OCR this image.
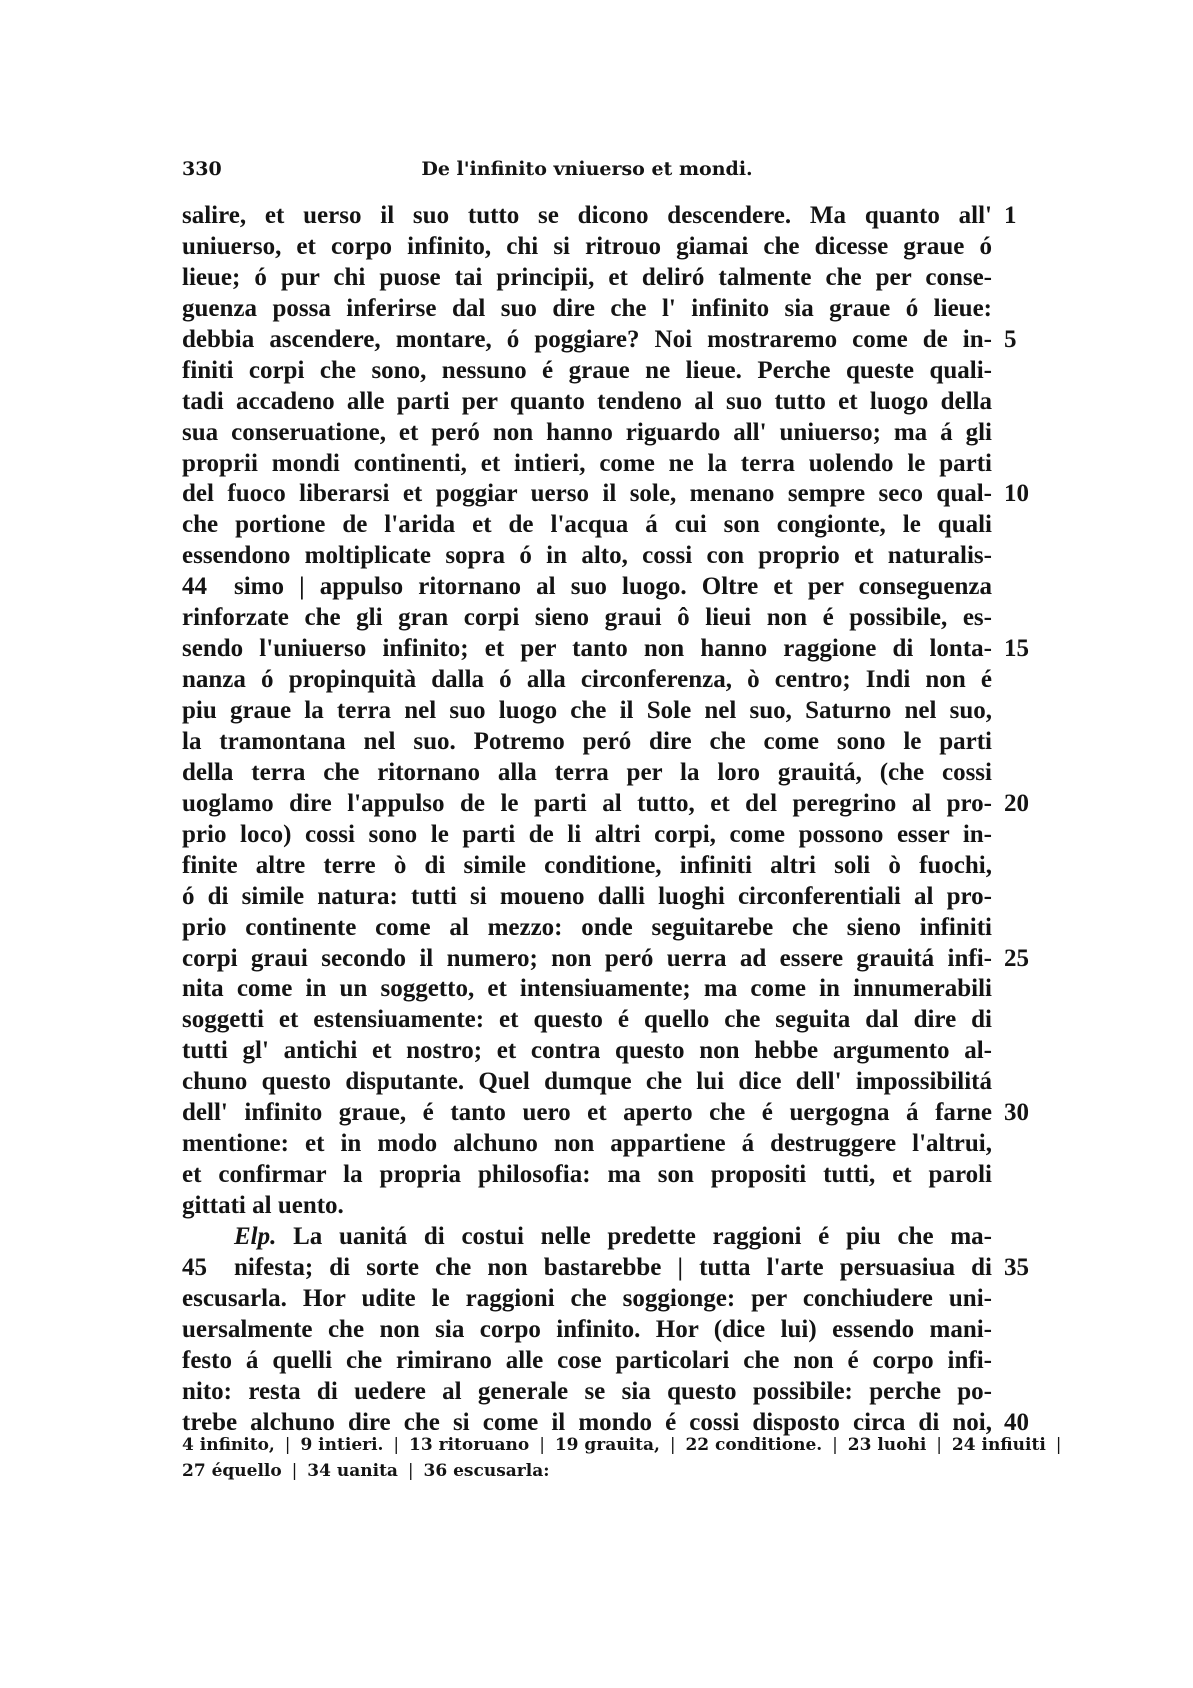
330	De l'infinito vniuerso et mondi.
salire, et uerso il suo tutto se dicono descendere. Ma quanto all' 1
uniuerso, et corpo infinito, chi si ritrouo giamai che dicesse graue ó
lieue; ó pur chi puose tai principii, et deliró talmente che per conse-
guenza possa inferirse dal suo dire che l' infinito sia graue ó lieue:
debbia ascendere, montare, ó poggiare? Noi mostraremo come de in- 5
finiti corpi che sono, nessuno é graue ne lieue. Perche queste quali-
tadi accadeno alle parti per quanto tendeno al suo tutto et luogo della
sua conseruatione, et peró non hanno riguardo all' uniuerso; ma á gli
proprii mondi continenti, et intieri, come ne la terra uolendo le parti
del fuoco liberarsi et poggiar uerso il sole, menano sempre seco qual- 10
che portione de l'arida et de l'acqua á cui son congionte, le quali
essendono moltiplicate sopra ó in alto, cossi con proprio et naturalis-
44	simo | appulso ritornano al suo luogo. Oltre et per conseguenza
rinforzate che gli gran corpi sieno graui ô lieui non é possibile, es-
sendo l'uniuerso infinito; et per tanto non hanno raggione di lonta- 15
nanza ó propinquità dalla ó alla circonferenza, ò centro; Indi non é
piu graue la terra nel suo luogo che il Sole nel suo, Saturno nel suo,
la tramontana nel suo. Potremo peró dire che come sono le parti
della terra che ritornano alla terra per la loro grauitá, (che cossi
uoglamo dire l'appulso de le parti al tutto, et del peregrino al pro- 20
prio loco) cossi sono le parti de li altri corpi, come possono esser in-
finite altre terre ò di simile conditione, infiniti altri soli ò fuochi,
ó di simile natura: tutti si moueno dalli luoghi circonferentiali al pro-
prio continente come al mezzo: onde seguitarebe che sieno infiniti
corpi graui secondo il numero; non peró uerra ad essere grauitá infi- 25
nita come in un soggetto, et intensiuamente; ma come in innumerabili
soggetti et estensiuamente: et questo é quello che seguita dal dire di
tutti gl' antichi et nostro; et contra questo non hebbe argumento al-
chuno questo disputante. Quel dumque che lui dice dell' impossibilitá
dell' infinito graue, é tanto uero et aperto che é uergogna á farne 30
mentione: et in modo alchuno non appartiene á destruggere l'altrui,
et confirmar la propria philosofia: ma son propositi tutti, et paroli
gittati al uento.
Elp. La uanitá di costui nelle predette raggioni é piu che ma-
45	nifesta; di sorte che non bastarebbe | tutta l'arte persuasiua di 35
escusarla. Hor udite le raggioni che soggionge: per conchiudere uni-
uersalmente che non sia corpo infinito. Hor (dice lui) essendo mani-
festo á quelli che rimirano alle cose particolari che non é corpo infi-
nito: resta di uedere al generale se sia questo possibile: perche po-
trebe alchuno dire che si come il mondo é cossi disposto circa di noi, 40
4 infinito, | 9 intieri. | 13 ritoruano | 19 grauita, | 22 conditione. | 23 luohi | 24 infiuiti |
27 équello | 34 uanita | 36 escusarla:
